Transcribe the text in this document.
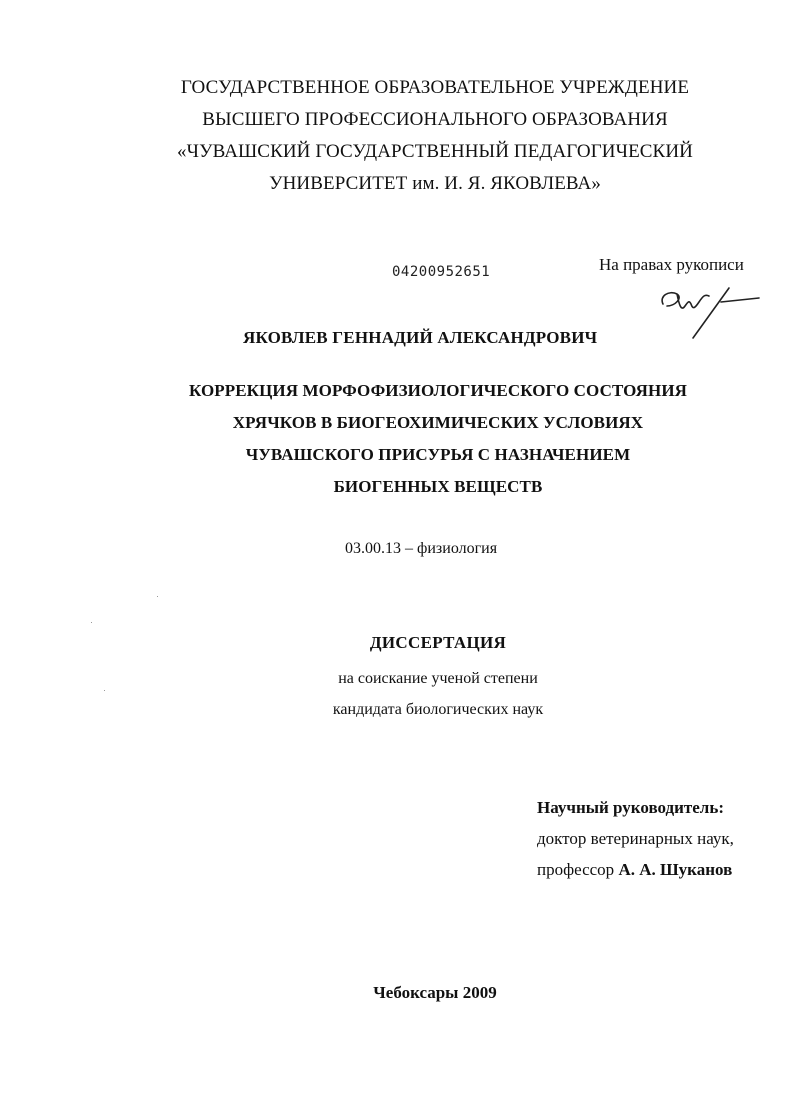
ГОСУДАРСТВЕННОЕ ОБРАЗОВАТЕЛЬНОЕ УЧРЕЖДЕНИЕ
ВЫСШЕГО ПРОФЕССИОНАЛЬНОГО ОБРАЗОВАНИЯ
«ЧУВАШСКИЙ ГОСУДАРСТВЕННЫЙ ПЕДАГОГИЧЕСКИЙ
УНИВЕРСИТЕТ им. И. Я. ЯКОВЛЕВА»
04200952651	На правах рукописи
ЯКОВЛЕВ ГЕННАДИЙ АЛЕКСАНДРОВИЧ
КОРРЕКЦИЯ МОРФОФИЗИОЛОГИЧЕСКОГО СОСТОЯНИЯ
ХРЯЧКОВ В БИОГЕОХИМИЧЕСКИХ УСЛОВИЯХ
ЧУВАШСКОГО ПРИСУРЬЯ С НАЗНАЧЕНИЕМ
БИОГЕННЫХ ВЕЩЕСТВ
03.00.13 – физиология
ДИССЕРТАЦИЯ
на соискание ученой степени
кандидата биологических наук
Научный руководитель:
доктор ветеринарных наук,
профессор А. А. Шуканов
Чебоксары 2009
